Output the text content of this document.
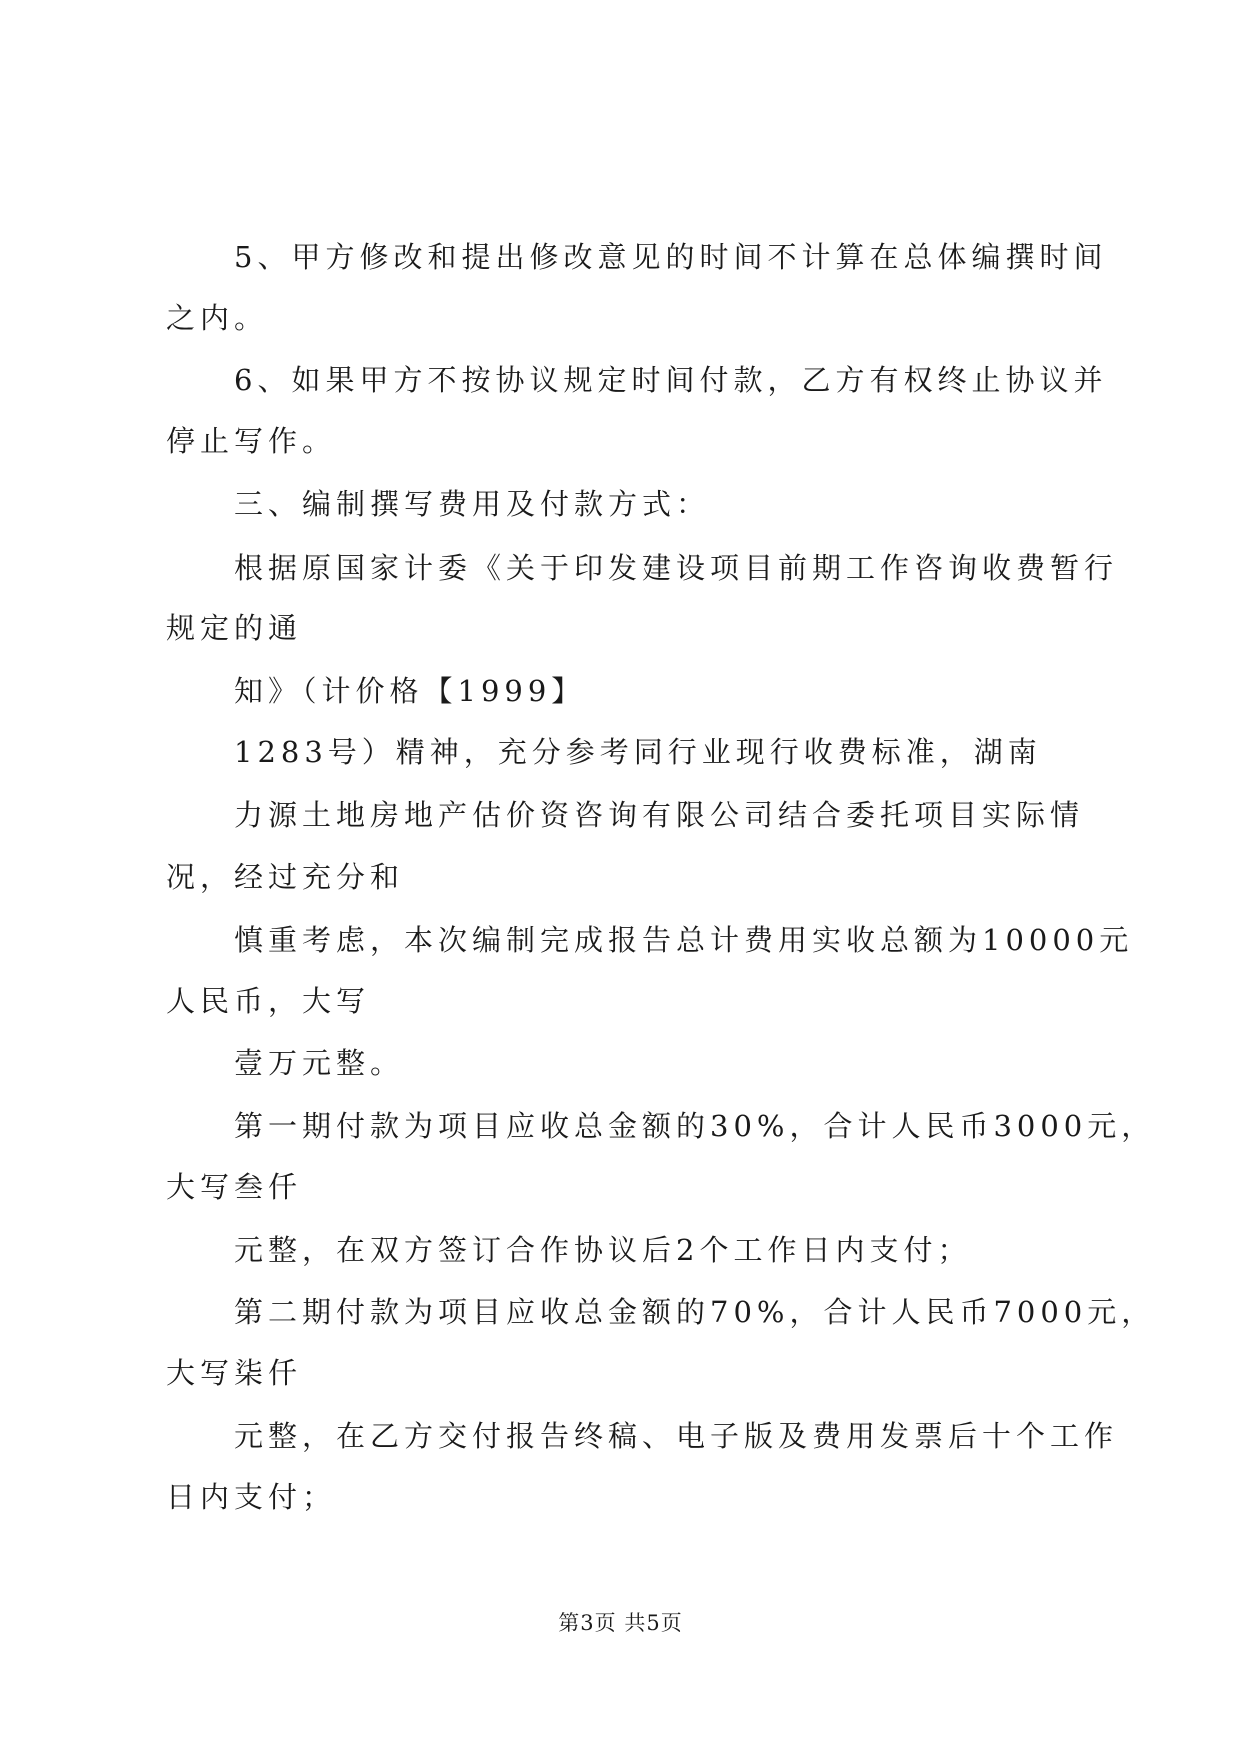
5、甲方修改和提出修改意见的时间不计算在总体编撰时间
之内。
6、如果甲方不按协议规定时间付款，乙方有权终止协议并
停止写作。
三、编制撰写费用及付款方式：
根据原国家计委《关于印发建设项目前期工作咨询收费暂行
规定的通
知》（计价格【1999】
1283号）精神，充分参考同行业现行收费标准，湖南
力源土地房地产估价资咨询有限公司结合委托项目实际情
况，经过充分和
慎重考虑，本次编制完成报告总计费用实收总额为10000元
人民币，大写
壹万元整。
第一期付款为项目应收总金额的30%，合计人民币3000元，
大写叁仟
元整，在双方签订合作协议后2个工作日内支付；
第二期付款为项目应收总金额的70%，合计人民币7000元，
大写柒仟
元整，在乙方交付报告终稿、电子版及费用发票后十个工作
日内支付；
第3页 共5页
